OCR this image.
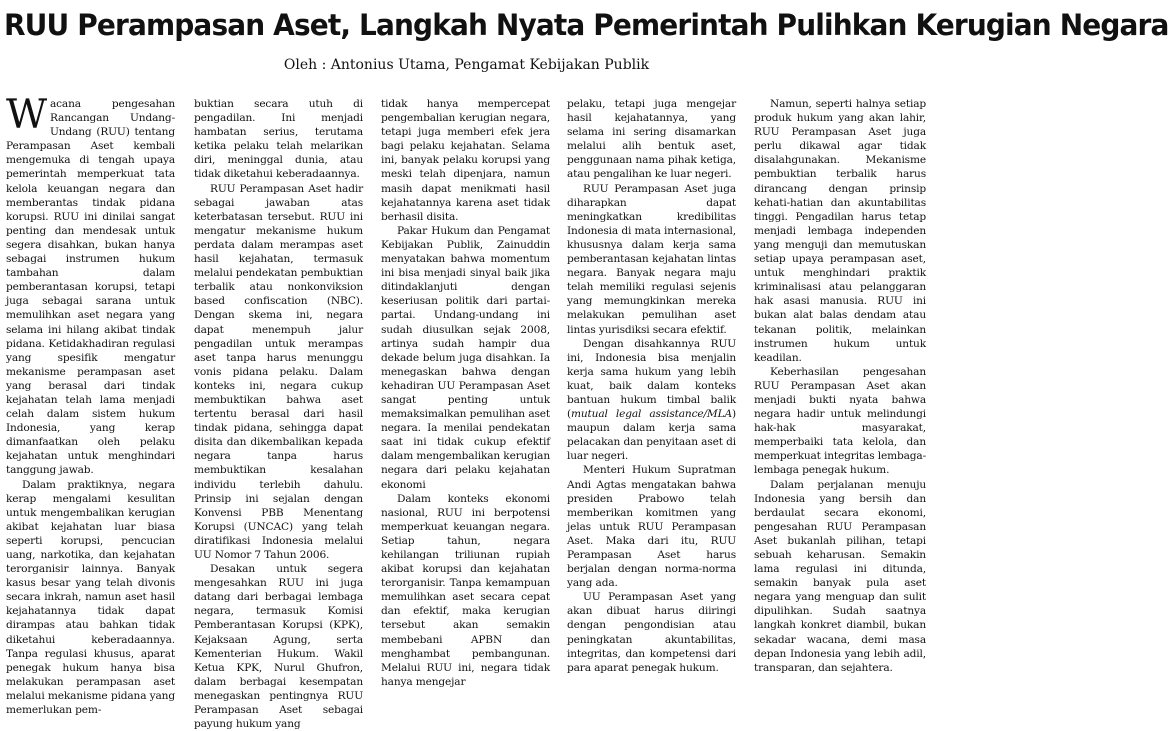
RUU Perampasan Aset, Langkah Nyata Pemerintah Pulihkan Kerugian Negara
Oleh : Antonius Utama, Pengamat Kebijakan Publik

Wacana pengesahan Rancangan Undang-Undang (RUU) tentang Perampasan Aset kembali mengemuka di tengah upaya pemerintah memperkuat tata kelola keuangan negara dan memberantas tindak pidana korupsi. RUU ini dinilai sangat penting dan mendesak untuk segera disahkan, bukan hanya sebagai instrumen hukum tambahan dalam pemberantasan korupsi, tetapi juga sebagai sarana untuk memulihkan aset negara yang selama ini hilang akibat tindak pidana. Ketidakhadiran regulasi yang spesifik mengatur mekanisme perampasan aset yang berasal dari tindak kejahatan telah lama menjadi celah dalam sistem hukum Indonesia, yang kerap dimanfaatkan oleh pelaku kejahatan untuk menghindari tanggung jawab.

Dalam praktiknya, negara kerap mengalami kesulitan untuk mengembalikan kerugian akibat kejahatan luar biasa seperti korupsi, pencucian uang, narkotika, dan kejahatan terorganisir lainnya. Banyak kasus besar yang telah divonis secara inkrah, namun aset hasil kejahatannya tidak dapat dirampas atau bahkan tidak diketahui keberadaannya. Tanpa regulasi khusus, aparat penegak hukum hanya bisa melakukan perampasan aset melalui mekanisme pidana yang memerlukan pem-

buktian secara utuh di pengadilan. Ini menjadi hambatan serius, terutama ketika pelaku telah melarikan diri, meninggal dunia, atau tidak diketahui keberadaannya.

RUU Perampasan Aset hadir sebagai jawaban atas keterbatasan tersebut. RUU ini mengatur mekanisme hukum perdata dalam merampas aset hasil kejahatan, termasuk melalui pendekatan pembuktian terbalik atau nonkonviksion based confiscation (NBC). Dengan skema ini, negara dapat menempuh jalur pengadilan untuk merampas aset tanpa harus menunggu vonis pidana pelaku. Dalam konteks ini, negara cukup membuktikan bahwa aset tertentu berasal dari hasil tindak pidana, sehingga dapat disita dan dikembalikan kepada negara tanpa harus membuktikan kesalahan individu terlebih dahulu. Prinsip ini sejalan dengan Konvensi PBB Menentang Korupsi (UNCAC) yang telah diratifikasi Indonesia melalui UU Nomor 7 Tahun 2006.

Desakan untuk segera mengesahkan RUU ini juga datang dari berbagai lembaga negara, termasuk Komisi Pemberantasan Korupsi (KPK), Kejaksaan Agung, serta Kementerian Hukum. Wakil Ketua KPK, Nurul Ghufron, dalam berbagai kesempatan menegaskan pentingnya RUU Perampasan Aset sebagai payung hukum yang

tidak hanya mempercepat pengembalian kerugian negara, tetapi juga memberi efek jera bagi pelaku kejahatan. Selama ini, banyak pelaku korupsi yang meski telah dipenjara, namun masih dapat menikmati hasil kejahatannya karena aset tidak berhasil disita.

Pakar Hukum dan Pengamat Kebijakan Publik, Zainuddin menyatakan bahwa momentum ini bisa menjadi sinyal baik jika ditindaklanjuti dengan keseriusan politik dari partai-partai. Undang-undang ini sudah diusulkan sejak 2008, artinya sudah hampir dua dekade belum juga disahkan. Ia menegaskan bahwa dengan kehadiran UU Perampasan Aset sangat penting untuk memaksimalkan pemulihan aset negara. Ia menilai pendekatan saat ini tidak cukup efektif dalam mengembalikan kerugian negara dari pelaku kejahatan ekonomi

Dalam konteks ekonomi nasional, RUU ini berpotensi memperkuat keuangan negara. Setiap tahun, negara kehilangan triliunan rupiah akibat korupsi dan kejahatan terorganisir. Tanpa kemampuan memulihkan aset secara cepat dan efektif, maka kerugian tersebut akan semakin membebani APBN dan menghambat pembangunan. Melalui RUU ini, negara tidak hanya mengejar

pelaku, tetapi juga mengejar hasil kejahatannya, yang selama ini sering disamarkan melalui alih bentuk aset, penggunaan nama pihak ketiga, atau pengalihan ke luar negeri.

RUU Perampasan Aset juga diharapkan dapat meningkatkan kredibilitas Indonesia di mata internasional, khususnya dalam kerja sama pemberantasan kejahatan lintas negara. Banyak negara maju telah memiliki regulasi sejenis yang memungkinkan mereka melakukan pemulihan aset lintas yurisdiksi secara efektif.

Dengan disahkannya RUU ini, Indonesia bisa menjalin kerja sama hukum yang lebih kuat, baik dalam konteks bantuan hukum timbal balik (mutual legal assistance/MLA) maupun dalam kerja sama pelacakan dan penyitaan aset di luar negeri.

Menteri Hukum Supratman Andi Agtas mengatakan bahwa presiden Prabowo telah memberikan komitmen yang jelas untuk RUU Perampasan Aset. Maka dari itu, RUU Perampasan Aset harus berjalan dengan norma-norma yang ada.

UU Perampasan Aset yang akan dibuat harus diiringi dengan pengondisian atau peningkatan akuntabilitas, integritas, dan kompetensi dari para aparat penegak hukum.

Namun, seperti halnya setiap produk hukum yang akan lahir, RUU Perampasan Aset juga perlu dikawal agar tidak disalahgunakan. Mekanisme pembuktian terbalik harus dirancang dengan prinsip kehati-hatian dan akuntabilitas tinggi. Pengadilan harus tetap menjadi lembaga independen yang menguji dan memutuskan setiap upaya perampasan aset, untuk menghindari praktik kriminalisasi atau pelanggaran hak asasi manusia. RUU ini bukan alat balas dendam atau tekanan politik, melainkan instrumen hukum untuk keadilan.

Keberhasilan pengesahan RUU Perampasan Aset akan menjadi bukti nyata bahwa negara hadir untuk melindungi hak-hak masyarakat, memperbaiki tata kelola, dan memperkuat integritas lembaga-lembaga penegak hukum.

Dalam perjalanan menuju Indonesia yang bersih dan berdaulat secara ekonomi, pengesahan RUU Perampasan Aset bukanlah pilihan, tetapi sebuah keharusan. Semakin lama regulasi ini ditunda, semakin banyak pula aset negara yang menguap dan sulit dipulihkan. Sudah saatnya langkah konkret diambil, bukan sekadar wacana, demi masa depan Indonesia yang lebih adil, transparan, dan sejahtera.
